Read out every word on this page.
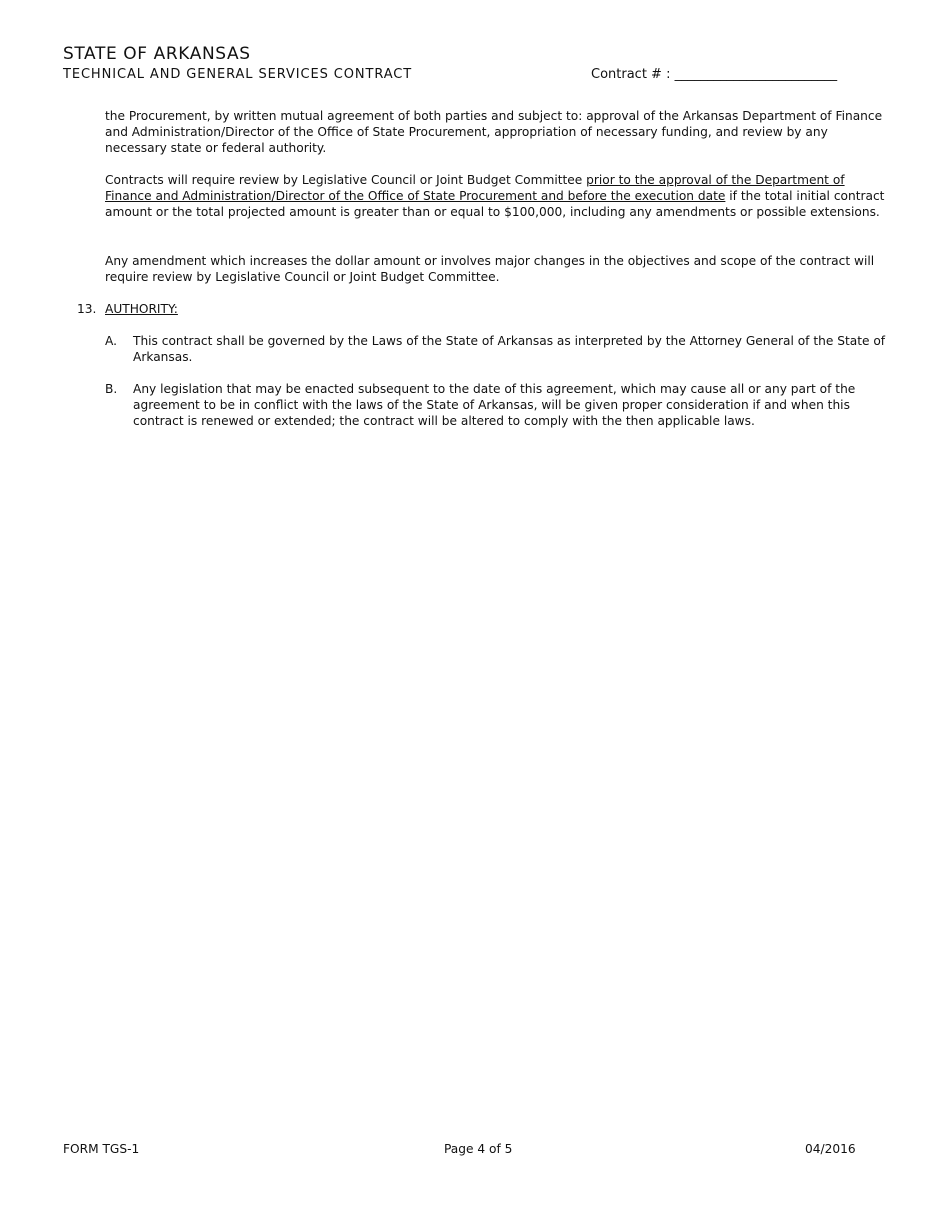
STATE OF ARKANSAS
TECHNICAL AND GENERAL SERVICES CONTRACT	Contract # : _________________________

the Procurement, by written mutual agreement of both parties and subject to: approval of the Arkansas Department of Finance and Administration/Director of the Office of State Procurement, appropriation of necessary funding, and review by any necessary state or federal authority.

Contracts will require review by Legislative Council or Joint Budget Committee prior to the approval of the Department of Finance and Administration/Director of the Office of State Procurement and before the execution date if the total initial contract amount or the total projected amount is greater than or equal to $100,000, including any amendments or possible extensions.

Any amendment which increases the dollar amount or involves major changes in the objectives and scope of the contract will require review by Legislative Council or Joint Budget Committee.

13. AUTHORITY:
A.	This contract shall be governed by the Laws of the State of Arkansas as interpreted by the Attorney General of the State of Arkansas.
B.	Any legislation that may be enacted subsequent to the date of this agreement, which may cause all or any part of the agreement to be in conflict with the laws of the State of Arkansas, will be given proper consideration if and when this contract is renewed or extended; the contract will be altered to comply with the then applicable laws.
FORM TGS-1	Page 4 of 5	04/2016
